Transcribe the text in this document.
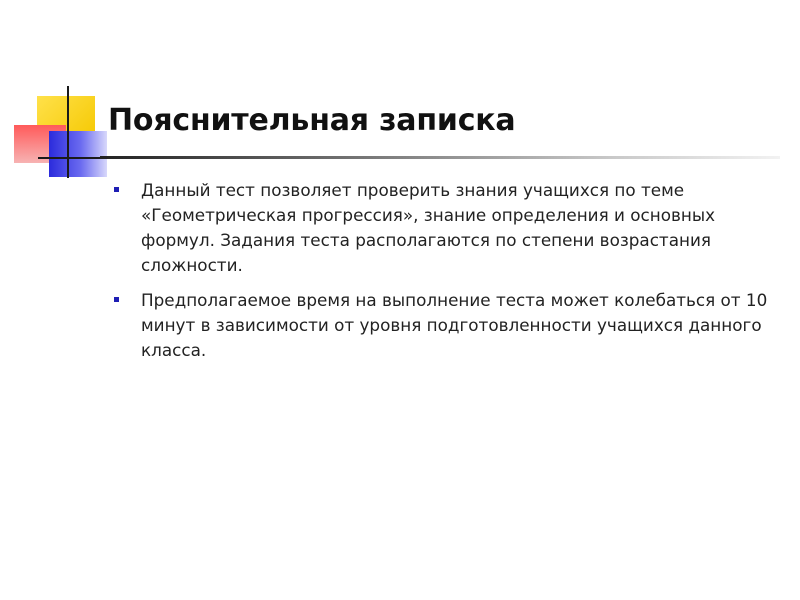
Пояснительная записка
Данный тест позволяет проверить знания учащихся по теме «Геометрическая прогрессия», знание определения и основных формул. Задания теста располагаются по степени возрастания сложности.
Предполагаемое время на выполнение теста может колебаться от 10 минут в зависимости от уровня подготовленности учащихся данного класса.
